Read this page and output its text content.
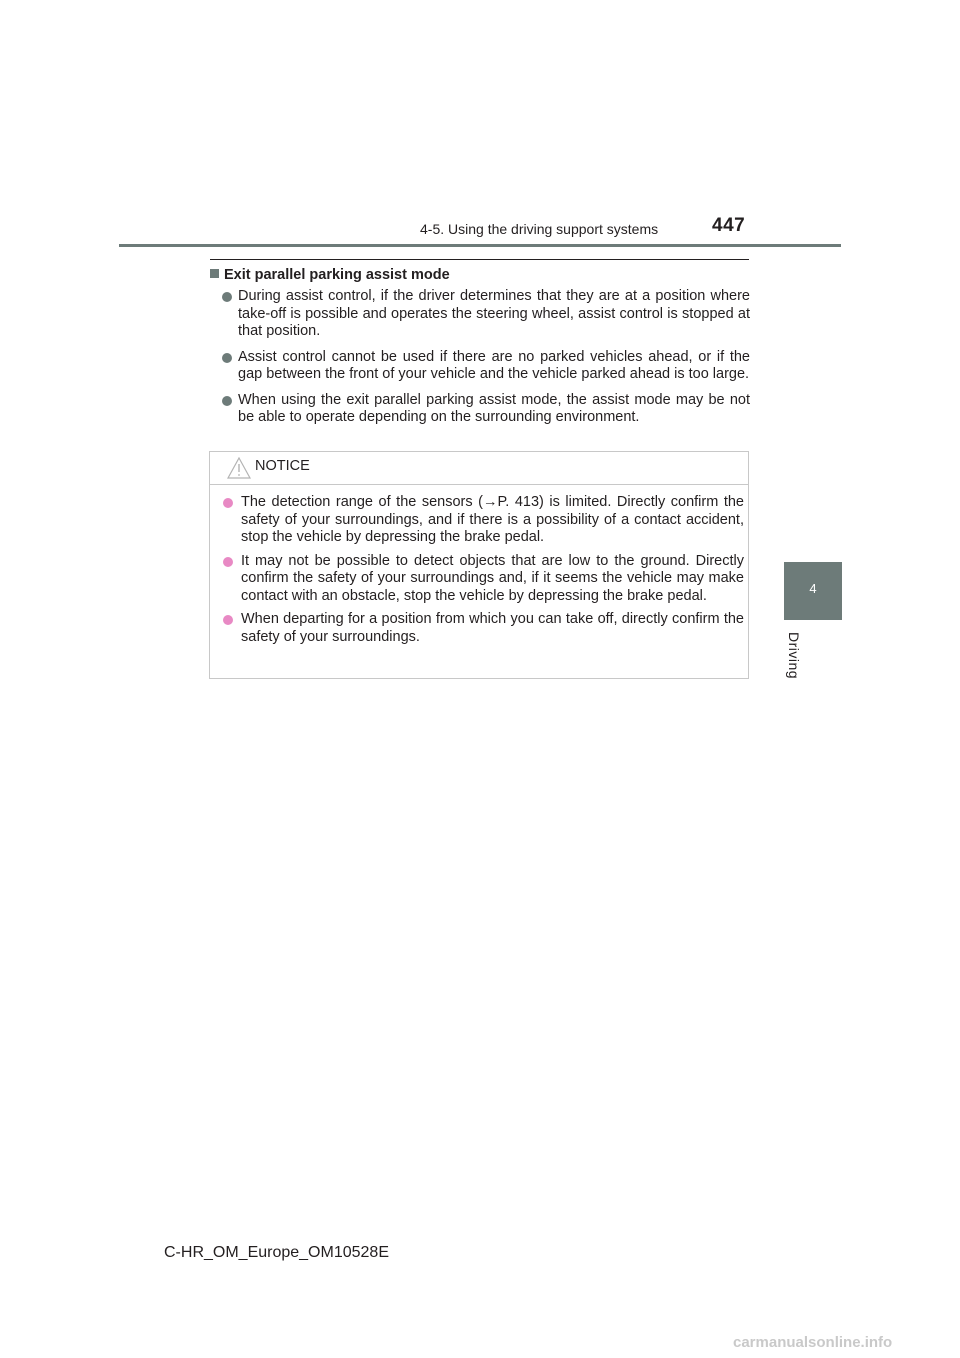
4-5. Using the driving support systems	447
4
Driving
Exit parallel parking assist mode
During assist control, if the driver determines that they are at a position where take-off is possible and operates the steering wheel, assist control is stopped at that position.
Assist control cannot be used if there are no parked vehicles ahead, or if the gap between the front of your vehicle and the vehicle parked ahead is too large.
When using the exit parallel parking assist mode, the assist mode may be not be able to operate depending on the surrounding environment.
NOTICE
The detection range of the sensors (→P. 413) is limited. Directly confirm the safety of your surroundings, and if there is a possibility of a contact accident, stop the vehicle by depressing the brake pedal.
It may not be possible to detect objects that are low to the ground. Directly confirm the safety of your surroundings and, if it seems the vehicle may make contact with an obstacle, stop the vehicle by depressing the brake pedal.
When departing for a position from which you can take off, directly confirm the safety of your surroundings.
C-HR_OM_Europe_OM10528E
carmanualsonline.info
